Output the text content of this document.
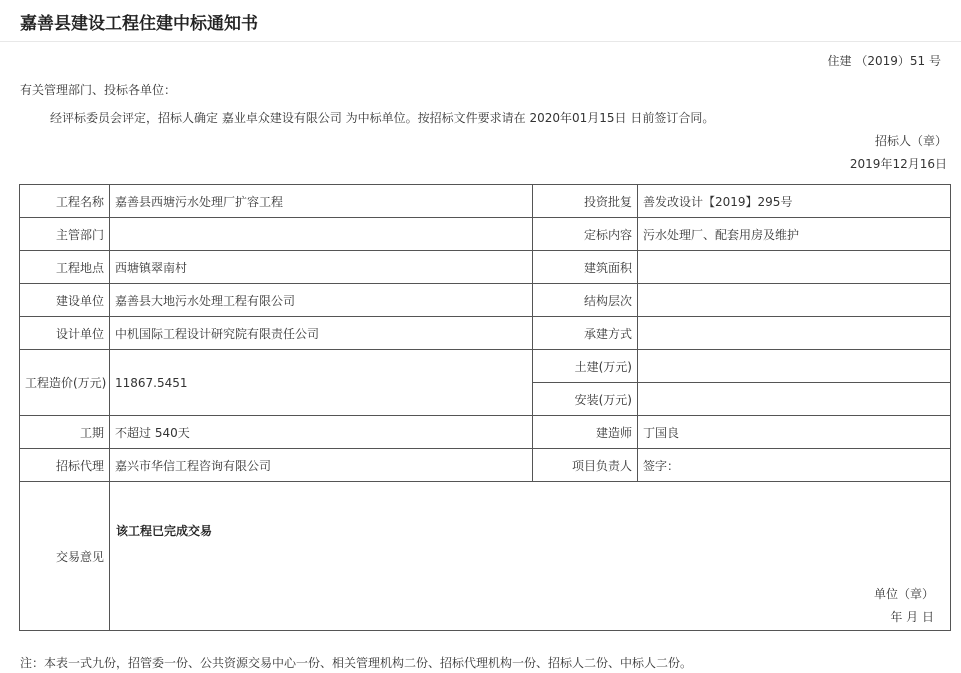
嘉善县建设工程住建中标通知书
住建 （2019）51 号
有关管理部门、投标各单位：
经评标委员会评定，招标人确定 嘉业卓众建设有限公司 为中标单位。按招标文件要求请在 2020年01月15日 日前签订合同。
招标人（章）
2019年12月16日
工程名称	嘉善县西塘污水处理厂扩容工程	投资批复	善发改设计【2019】295号
主管部门		定标内容	污水处理厂、配套用房及维护
工程地点	西塘镇翠南村	建筑面积	
建设单位	嘉善县大地污水处理工程有限公司	结构层次	
设计单位	中机国际工程设计研究院有限责任公司	承建方式	
工程造价(万元)	11867.5451	土建(万元)	
		安装(万元)	
工期	不超过 540天	建造师	丁国良
招标代理	嘉兴市华信工程咨询有限公司	项目负责人	签字：
交易意见	该工程已完成交易
单位（章）
年 月 日		
注：本表一式九份，招管委一份、公共资源交易中心一份、相关管理机构二份、招标代理机构一份、招标人二份、中标人二份。
